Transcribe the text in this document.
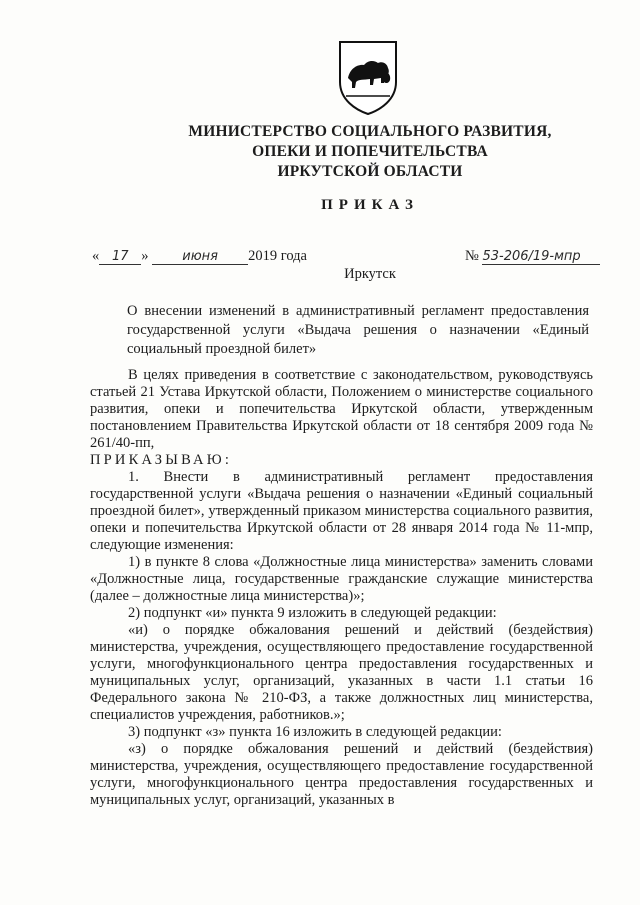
МИНИСТЕРСТВО СОЦИАЛЬНОГО РАЗВИТИЯ,
ОПЕКИ И ПОПЕЧИТЕЛЬСТВА
ИРКУТСКОЙ ОБЛАСТИ
ПРИКАЗ
« 17 »	июня 2019 года	№ 53-206/19-мпр
Иркутск
О внесении изменений в административный регламент предоставления государственной услуги «Выдача решения о назначении «Единый социальный проездной билет»

В целях приведения в соответствие с законодательством, руководствуясь статьей 21 Устава Иркутской области, Положением о министерстве социального развития, опеки и попечительства Иркутской области, утвержденным постановлением Правительства Иркутской области от 18 сентября 2009 года № 261/40-пп,

ПРИКАЗЫВАЮ:

1. Внести в административный регламент предоставления государственной услуги «Выдача решения о назначении «Единый социальный проездной билет», утвержденный приказом министерства социального развития, опеки и попечительства Иркутской области от 28 января 2014 года № 11-мпр, следующие изменения:

1) в пункте 8 слова «Должностные лица министерства» заменить словами «Должностные лица, государственные гражданские служащие министерства (далее – должностные лица министерства)»;

2) подпункт «и» пункта 9 изложить в следующей редакции:

«и) о порядке обжалования решений и действий (бездействия) министерства, учреждения, осуществляющего предоставление государственной услуги, многофункционального центра предоставления государственных и муниципальных услуг, организаций, указанных в части 1.1 статьи 16 Федерального закона № 210-ФЗ, а также должностных лиц министерства, специалистов учреждения, работников.»;

3) подпункт «з» пункта 16 изложить в следующей редакции:

«з) о порядке обжалования решений и действий (бездействия) министерства, учреждения, осуществляющего предоставление государственной услуги, многофункционального центра предоставления государственных и муниципальных услуг, организаций, указанных в
